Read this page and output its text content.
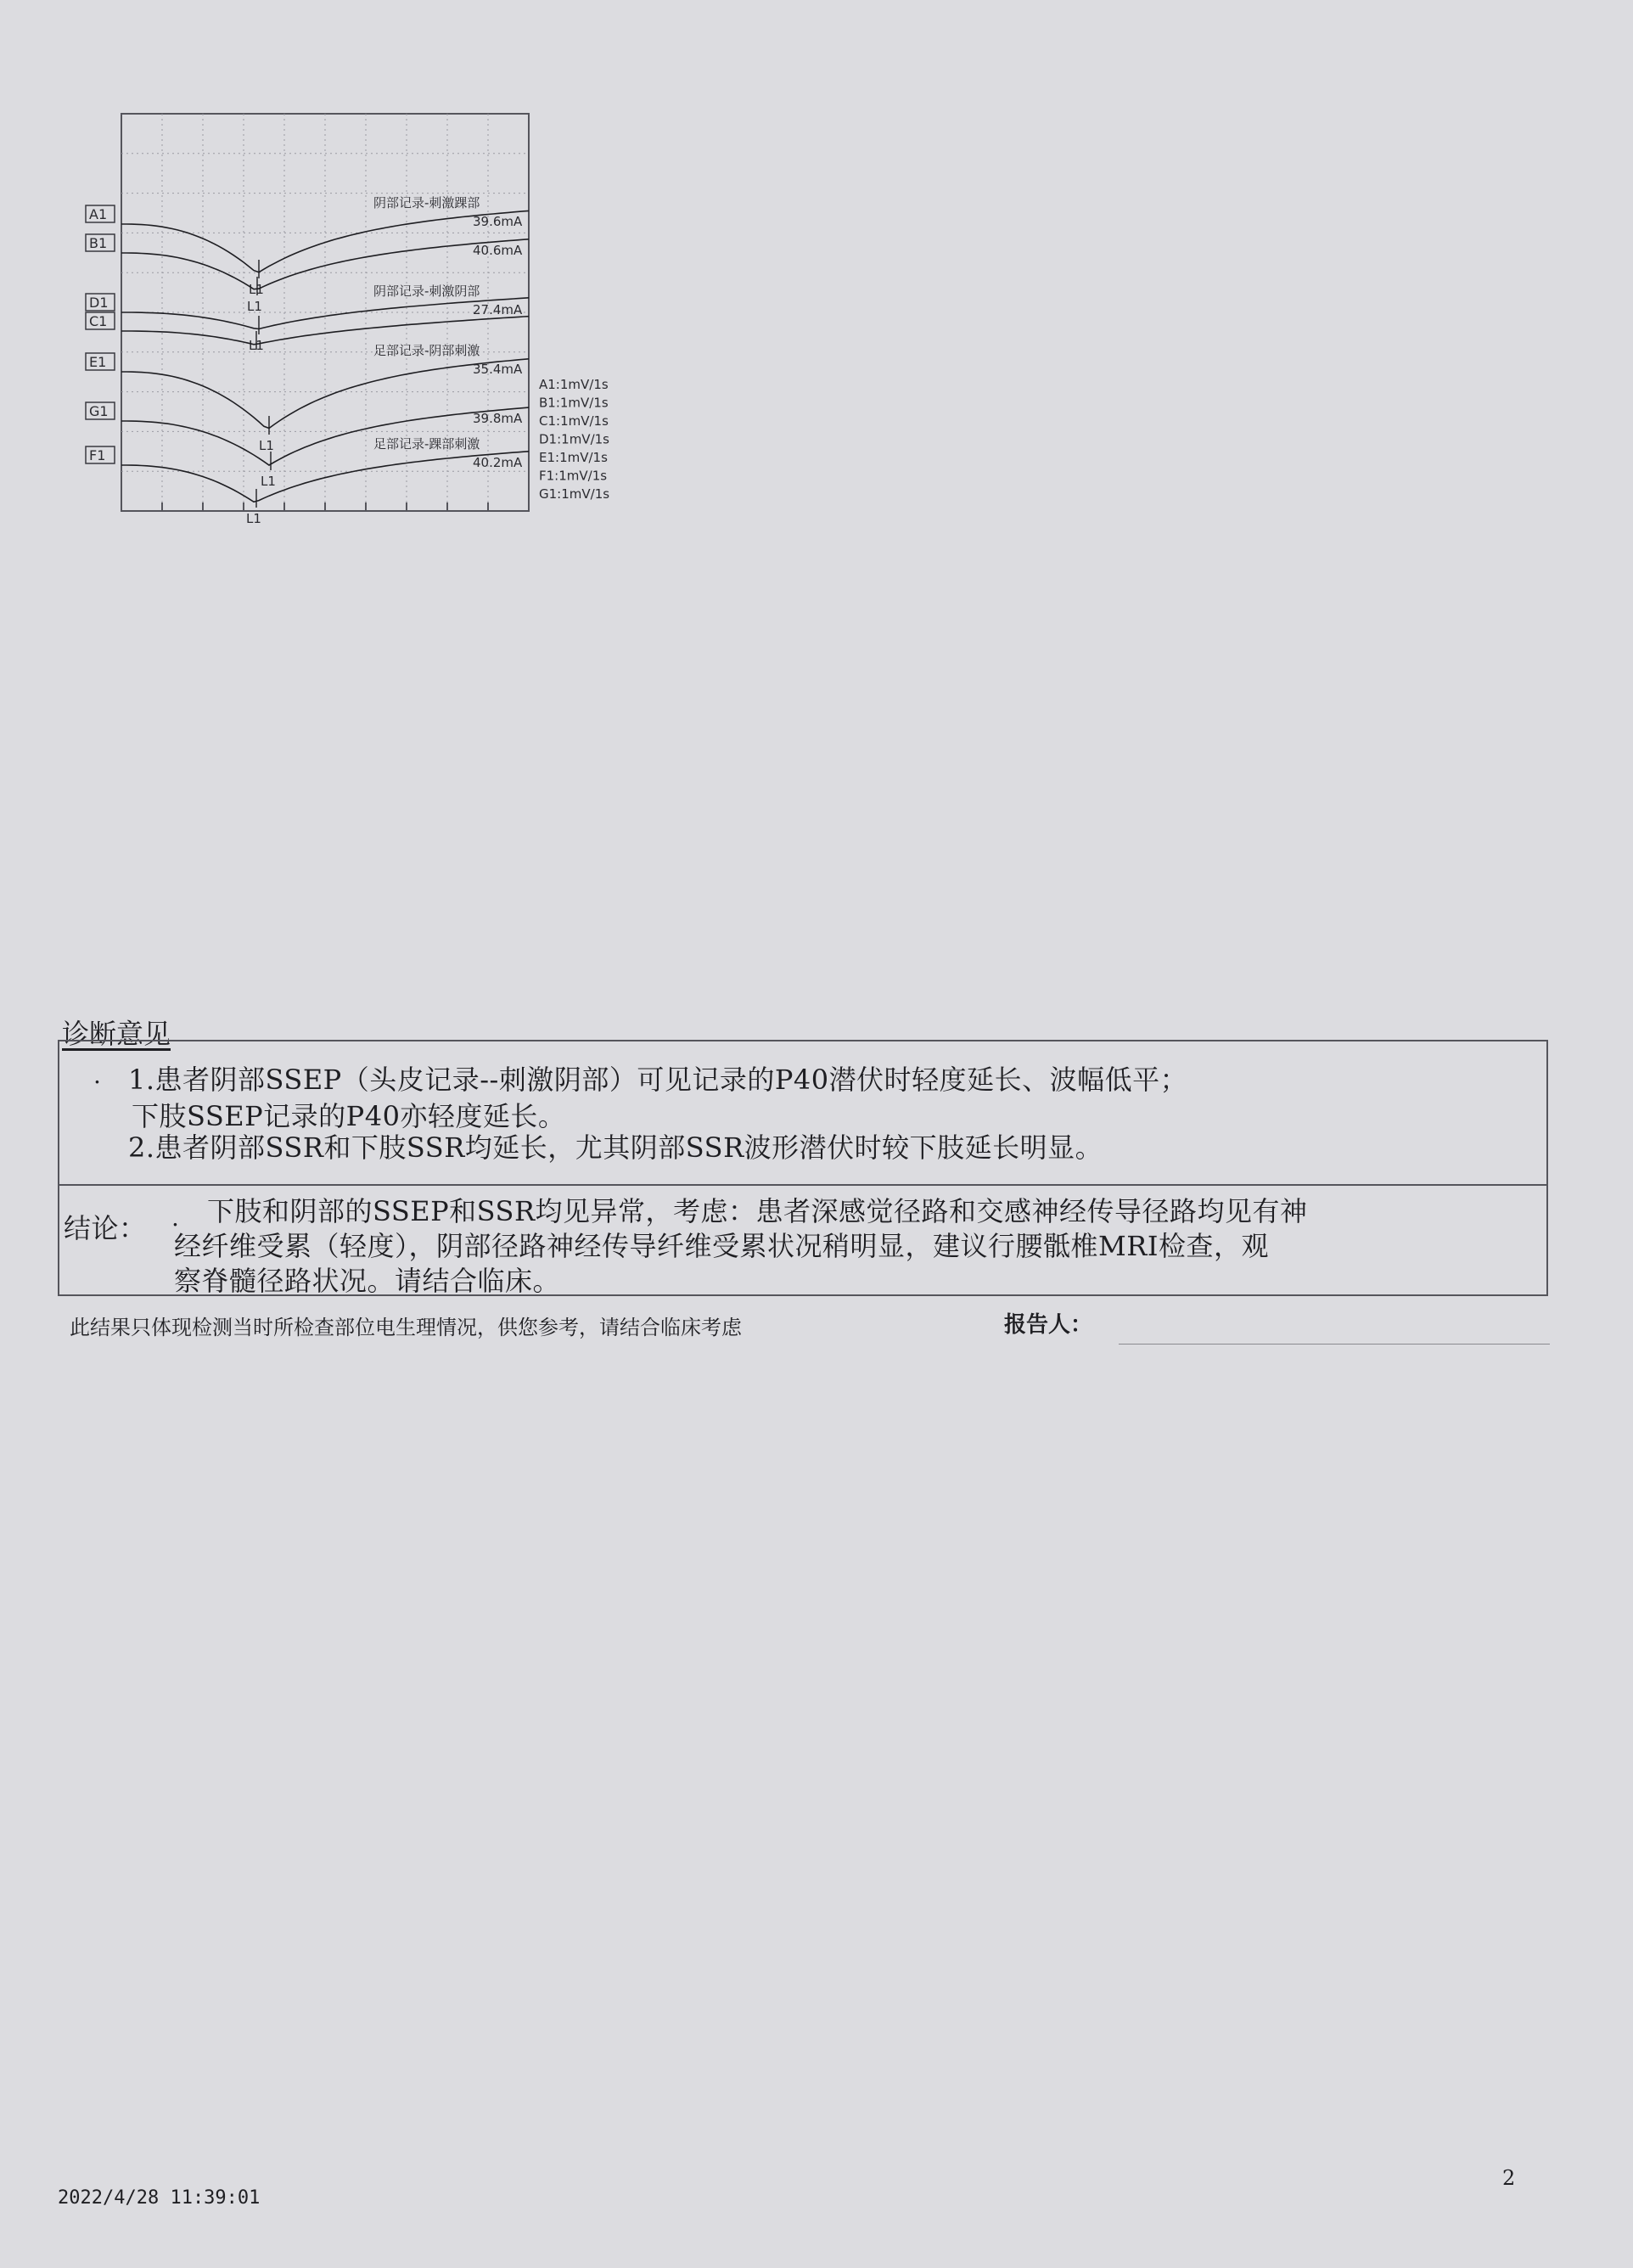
A1
L1
阴部记录-刺激踝部
39.6mA
A1:1mV/1s
B1
L1
40.6mA
B1:1mV/1s
D1
L1
阴部记录-刺激阴部
27.4mA
C1:1mV/1s
C1
D1:1mV/1s
E1
L1
足部记录-阴部刺激
35.4mA
E1:1mV/1s
G1
L1
39.8mA
F1:1mV/1s
F1
L1
足部记录-踝部刺激
40.2mA
G1:1mV/1s
诊断意见
. 1.患者阴部SSEP（头皮记录--刺激阴部）可见记录的P40潜伏时轻度延长、波幅低平；
下肢SSEP记录的P40亦轻度延长。
2.患者阴部SSR和下肢SSR均延长，尤其阴部SSR波形潜伏时较下肢延长明显。
结论： . 下肢和阴部的SSEP和SSR均见异常，考虑：患者深感觉径路和交感神经传导径路均见有神
经纤维受累（轻度），阴部径路神经传导纤维受累状况稍明显，建议行腰骶椎MRI检查，观
察脊髓径路状况。请结合临床。
此结果只体现检测当时所检查部位电生理情况，供您参考，请结合临床考虑	报告人：
2022/4/28 11:39:01
2
